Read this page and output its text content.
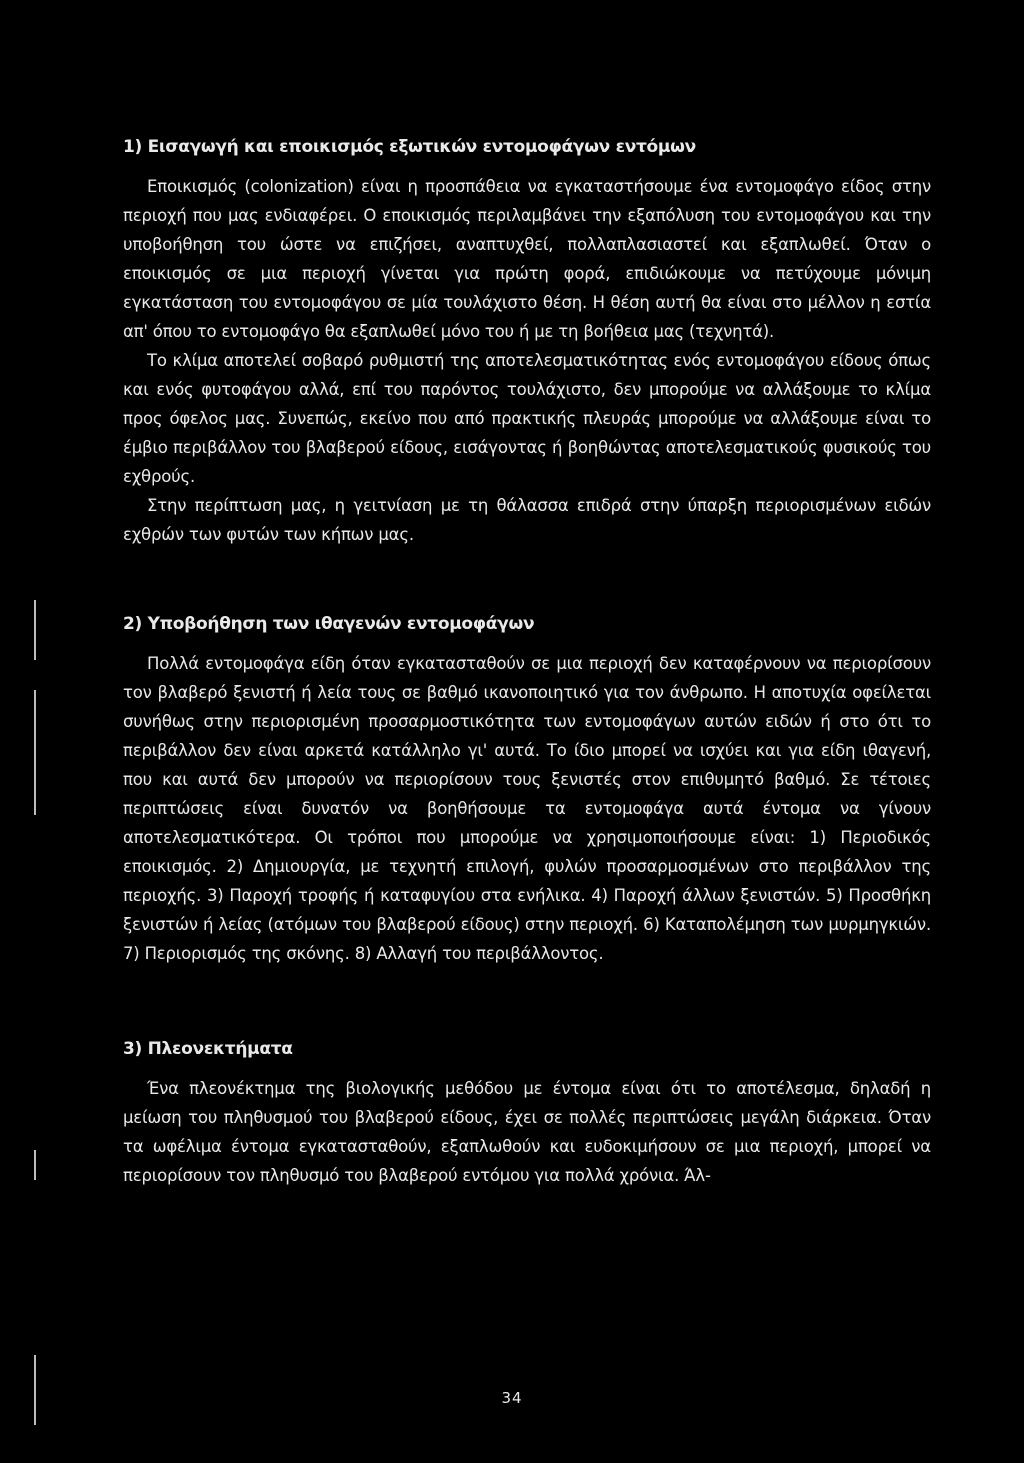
1) Εισαγωγή και εποικισμός εξωτικών εντομοφάγων εντόμων

Εποικισμός (colonization) είναι η προσπάθεια να εγκαταστήσουμε ένα εντομοφάγο είδος στην περιοχή που μας ενδιαφέρει. Ο εποικισμός περιλαμβάνει την εξαπόλυση του εντομοφάγου και την υποβοήθηση του ώστε να επιζήσει, αναπτυχθεί, πολλαπλασιαστεί και εξαπλωθεί. Όταν ο εποικισμός σε μια περιοχή γίνεται για πρώτη φορά, επιδιώκουμε να πετύχουμε μόνιμη εγκατάσταση του εντομοφάγου σε μία τουλάχιστο θέση. Η θέση αυτή θα είναι στο μέλλον η εστία απ' όπου το εντομοφάγο θα εξαπλωθεί μόνο του ή με τη βοήθεια μας (τεχνητά).

Το κλίμα αποτελεί σοβαρό ρυθμιστή της αποτελεσματικότητας ενός εντομοφάγου είδους όπως και ενός φυτοφάγου αλλά, επί του παρόντος τουλάχιστο, δεν μπορούμε να αλλάξουμε το κλίμα προς όφελος μας. Συνεπώς, εκείνο που από πρακτικής πλευράς μπορούμε να αλλάξουμε είναι το έμβιο περιβάλλον του βλαβερού είδους, εισάγοντας ή βοηθώντας αποτελεσματικούς φυσικούς του εχθρούς.

Στην περίπτωση μας, η γειτνίαση με τη θάλασσα επιδρά στην ύπαρξη περιορισμένων ειδών εχθρών των φυτών των κήπων μας.

2) Υποβοήθηση των ιθαγενών εντομοφάγων

Πολλά εντομοφάγα είδη όταν εγκατασταθούν σε μια περιοχή δεν καταφέρνουν να περιορίσουν τον βλαβερό ξενιστή ή λεία τους σε βαθμό ικανοποιητικό για τον άνθρωπο. Η αποτυχία οφείλεται συνήθως στην περιορισμένη προσαρμοστικότητα των εντομοφάγων αυτών ειδών ή στο ότι το περιβάλλον δεν είναι αρκετά κατάλληλο γι' αυτά. Το ίδιο μπορεί να ισχύει και για είδη ιθαγενή, που και αυτά δεν μπορούν να περιορίσουν τους ξενιστές στον επιθυμητό βαθμό. Σε τέτοιες περιπτώσεις είναι δυνατόν να βοηθήσουμε τα εντομοφάγα αυτά έντομα να γίνουν αποτελεσματικότερα. Οι τρόποι που μπορούμε να χρησιμοποιήσουμε είναι: 1) Περιοδικός εποικισμός. 2) Δημιουργία, με τεχνητή επιλογή, φυλών προσαρμοσμένων στο περιβάλλον της περιοχής. 3) Παροχή τροφής ή καταφυγίου στα ενήλικα. 4) Παροχή άλλων ξενιστών. 5) Προσθήκη ξενιστών ή λείας (ατόμων του βλαβερού είδους) στην περιοχή. 6) Καταπολέμηση των μυρμηγκιών. 7) Περιορισμός της σκόνης. 8) Αλλαγή του περιβάλλοντος.

3) Πλεονεκτήματα

Ένα πλεονέκτημα της βιολογικής μεθόδου με έντομα είναι ότι το αποτέλεσμα, δηλαδή η μείωση του πληθυσμού του βλαβερού είδους, έχει σε πολλές περιπτώσεις μεγάλη διάρκεια. Όταν τα ωφέλιμα έντομα εγκατασταθούν, εξαπλωθούν και ευδοκιμήσουν σε μια περιοχή, μπορεί να περιορίσουν τον πληθυσμό του βλαβερού εντόμου για πολλά χρόνια. Άλ-

34
